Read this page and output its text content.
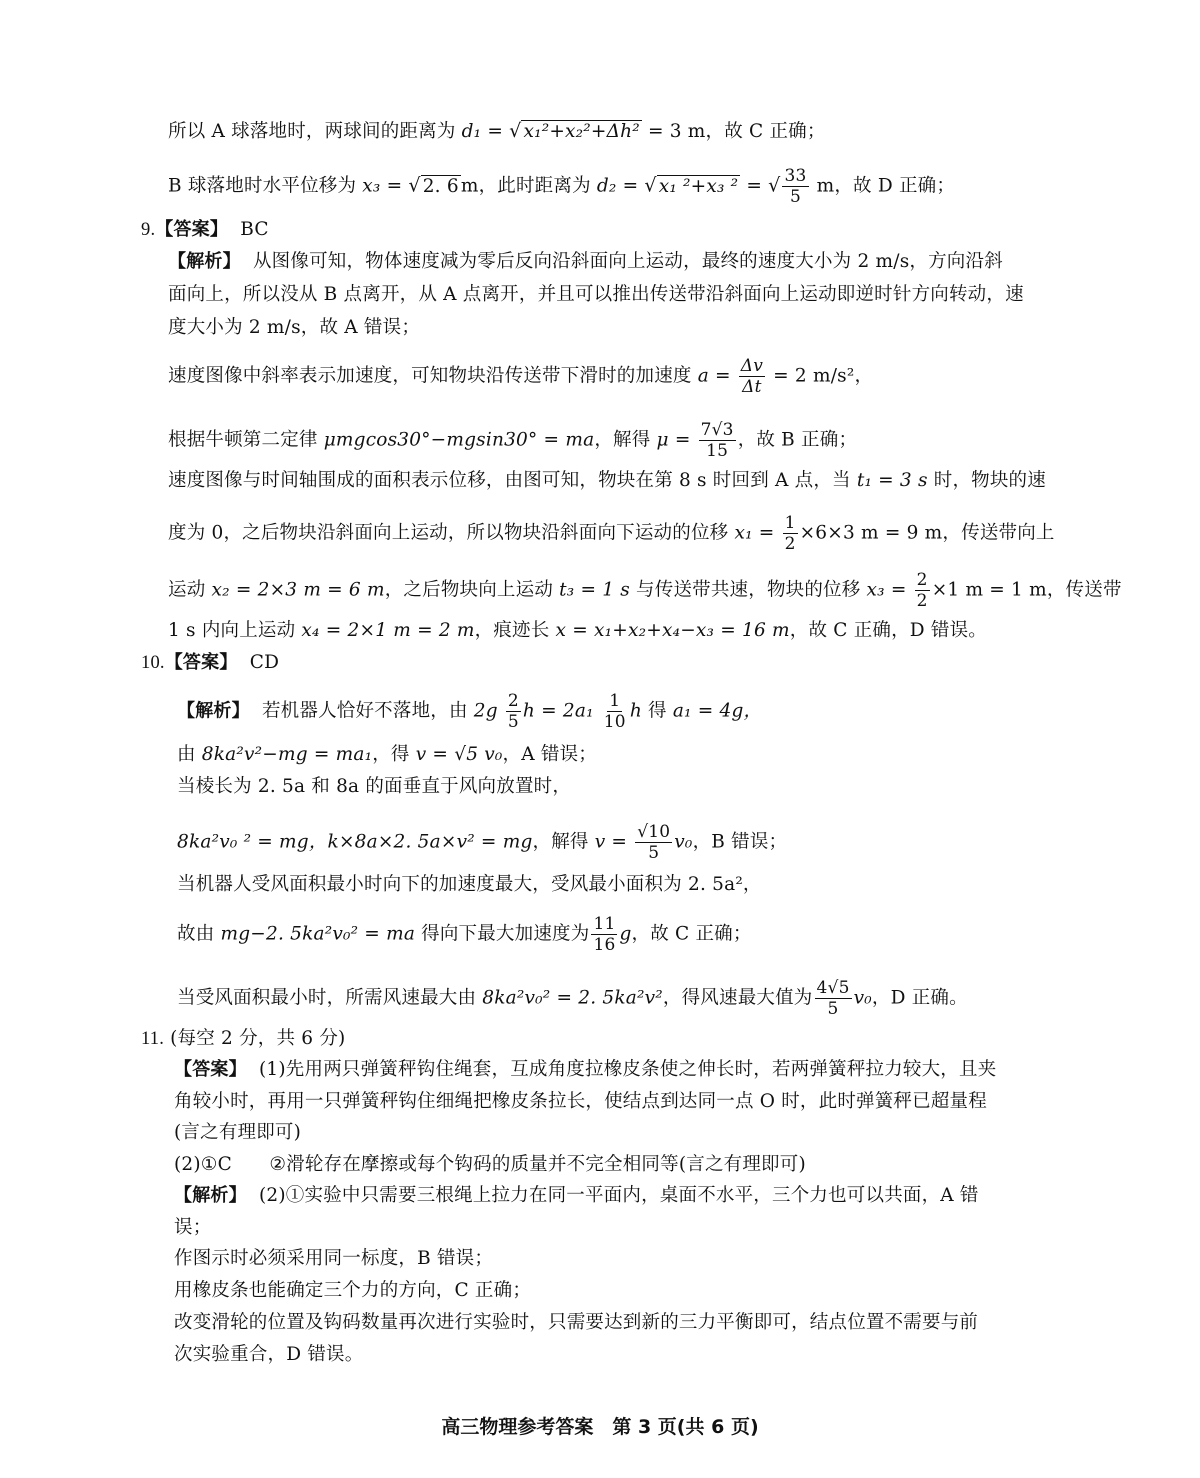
所以 A 球落地时，两球间的距离为 d₁ = √ x₁²+x₂²+Δh² = 3 m，故 C 正确；
B 球落地时水平位移为 x₃ = √ 2. 6 m，此时距离为 d₂ = √ x₁ ²+x₃ ² = √ $\frac{33}{5}$ m，故 D 正确；
9.【答案】 BC
【解析】 从图像可知，物体速度减为零后反向沿斜面向上运动，最终的速度大小为 2 m/s，方向沿斜
面向上，所以没从 B 点离开，从 A 点离开，并且可以推出传送带沿斜面向上运动即逆时针方向转动，速
度大小为 2 m/s，故 A 错误；
速度图像中斜率表示加速度，可知物块沿传送带下滑时的加速度 $a = \frac{\Delta v}{\Delta t} = 2$ m/s²，
根据牛顿第二定律 μmgcos30°−mgsin30° = ma，解得 $\mu = \frac{7√3}{15}$ ，故 B 正确；
速度图像与时间轴围成的面积表示位移，由图可知，物块在第 8 s 时回到 A 点，当 t₁ = 3 s 时，物块的速
度为 0，之后物块沿斜面向上运动，所以物块沿斜面向下运动的位移 $x_1 = \frac{1}{2} \times 6\times 3$ m = 9 m，传送带向上
运动 x₂ = 2×3 m = 6 m，之后物块向上运动 t₃ = 1 s 与传送带共速，物块的位移 $x_3 = \frac{2}{2} \times 1$ m = 1 m，传送带
1 s 内向上运动 x₄ = 2×1 m = 2 m，痕迹长 x = x₁+x₂+x₄−x₃ = 16 m，故 C 正确，D 错误。
10.【答案】 CD
【解析】 若机器人恰好不落地，由 $2g \frac{2}{5}$ $h = 2a_1 \frac{1}{10}$ h 得 a₁ = 4g，
由 8ka²v²−mg = ma₁，得 v = √5 v₀，A 错误；
当棱长为 2. 5a 和 8a 的面垂直于风向放置时，
8ka²v₀ ² = mg，k×8a×2. 5a×v² = mg，解得 $v = \frac{√10}{5} v_0$，B 错误；
当机器人受风面积最小时向下的加速度最大，受风最小面积为 2. 5a²，
故由 mg−2. 5ka²v₀² = ma 得向下最大加速度为 $\frac{11}{16}$ g，故 C 正确；
当受风面积最小时，所需风速最大由 8ka²v₀² = 2. 5ka²v²，得风速最大值为 $\frac{4√5}{5} v_0$，D 正确。
11. (每空 2 分，共 6 分)
【答案】 (1)先用两只弹簧秤钩住绳套，互成角度拉橡皮条使之伸长时，若两弹簧秤拉力较大，且夹
角较小时，再用一只弹簧秤钩住细绳把橡皮条拉长，使结点到达同一点 O 时，此时弹簧秤已超量程
(言之有理即可)
(2)①C　　②滑轮存在摩擦或每个钩码的质量并不完全相同等(言之有理即可)
【解析】 (2)①实验中只需要三根绳上拉力在同一平面内，桌面不水平，三个力也可以共面，A 错
误；
作图示时必须采用同一标度，B 错误；
用橡皮条也能确定三个力的方向，C 正确；
改变滑轮的位置及钩码数量再次进行实验时，只需要达到新的三力平衡即可，结点位置不需要与前
次实验重合，D 错误。
高三物理参考答案　第 3 页(共 6 页)
